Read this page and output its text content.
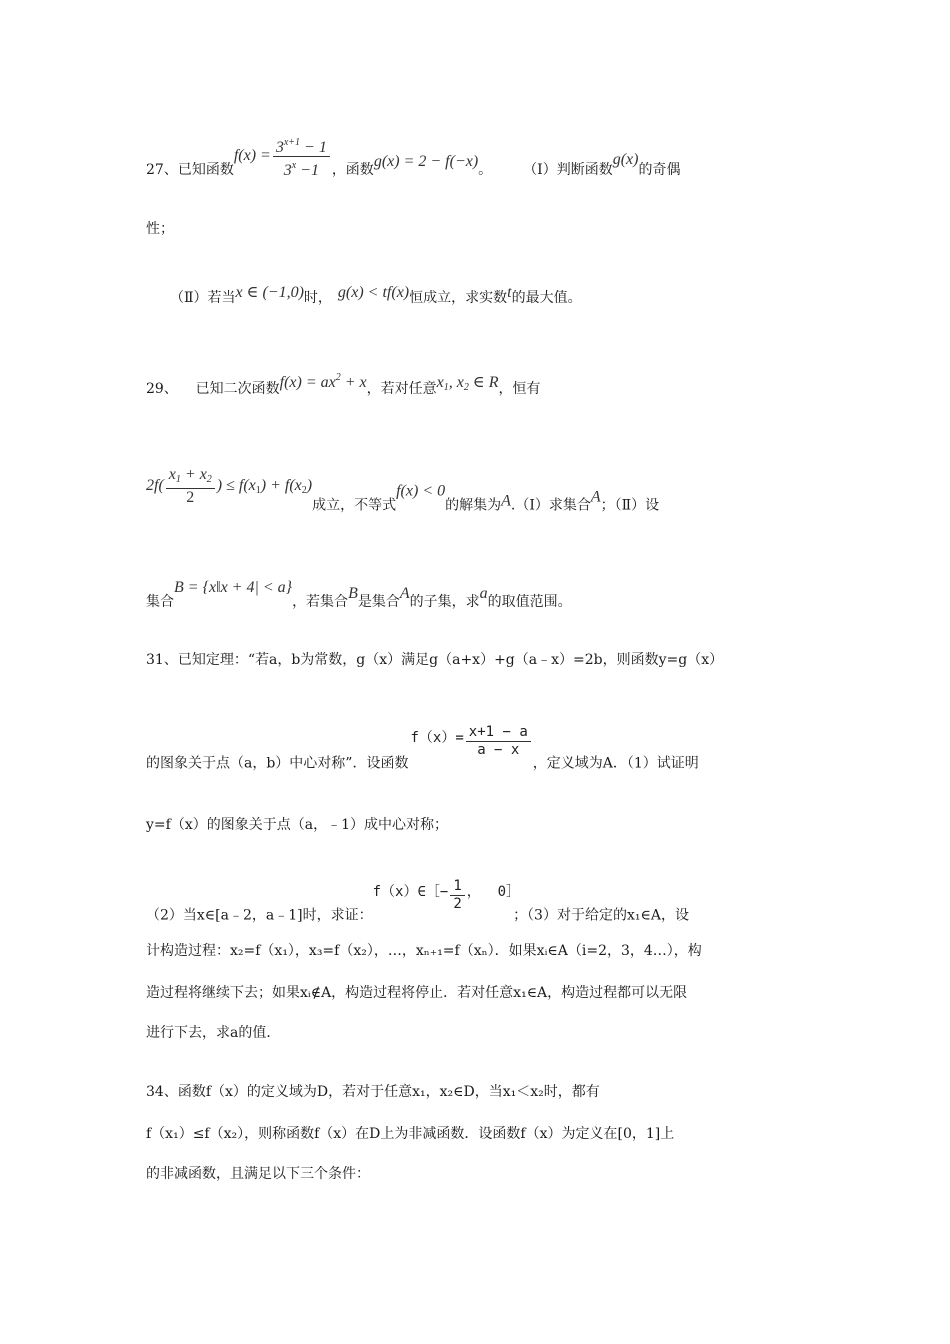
27、已知函数$f(x) = \frac{3^{x+1} - 1}{3^x -1}$ ，函数g(x) = 2 − f(−x)。	（Ⅰ）判断函数g(x)的奇偶
性；
（Ⅱ）若当x ∈ (−1,0)时， g(x) < tf(x)恒成立，求实数t的最大值。
29、    已知二次函数$f(x) = ax^2 + x$，若对任意$x_1$, $x_2$ ∈ R，恒有
$2f( \frac{x_1 + x_2}{2}$ ) ≤ $f(x_1) + f(x_2)$成立，不等式f(x) < 0的解集为A.（Ⅰ）求集合A；（Ⅱ）设
集合B = {x‖x + 4| < a}，若集合B是集合A的子集，求a的取值范围。
31、已知定理：“若a，b为常数，g（x）满足g（a+x）+g（a﹣x）=2b，则函数y=g（x）
的图象关于点（a，b）中心对称”．设函数$f(x)= \frac{x+1 - a}{a - x}$
，定义域为A．（1）试证明
y=f（x）的图象关于点（a，﹣1）成中心对称；
（2）当x∈[a﹣2，a﹣1]时，求证：f（x）∈［− $\frac{1}{2}$ ，  0］；（3）对于给定的x₁∈A，设
计构造过程：x₂=f（x₁），x₃=f（x₂），…，xₙ₊₁=f（xₙ）．如果xᵢ∈A（i=2，3，4…），构
造过程将继续下去；如果xᵢ∉A，构造过程将停止．若对任意x₁∈A，构造过程都可以无限
进行下去，求a的值．
34、函数f（x）的定义域为D，若对于任意x₁，x₂∈D，当x₁＜x₂时，都有
f（x₁）≤f（x₂），则称函数f（x）在D上为非减函数．设函数f（x）为定义在[0，1]上
的非减函数，且满足以下三个条件：
